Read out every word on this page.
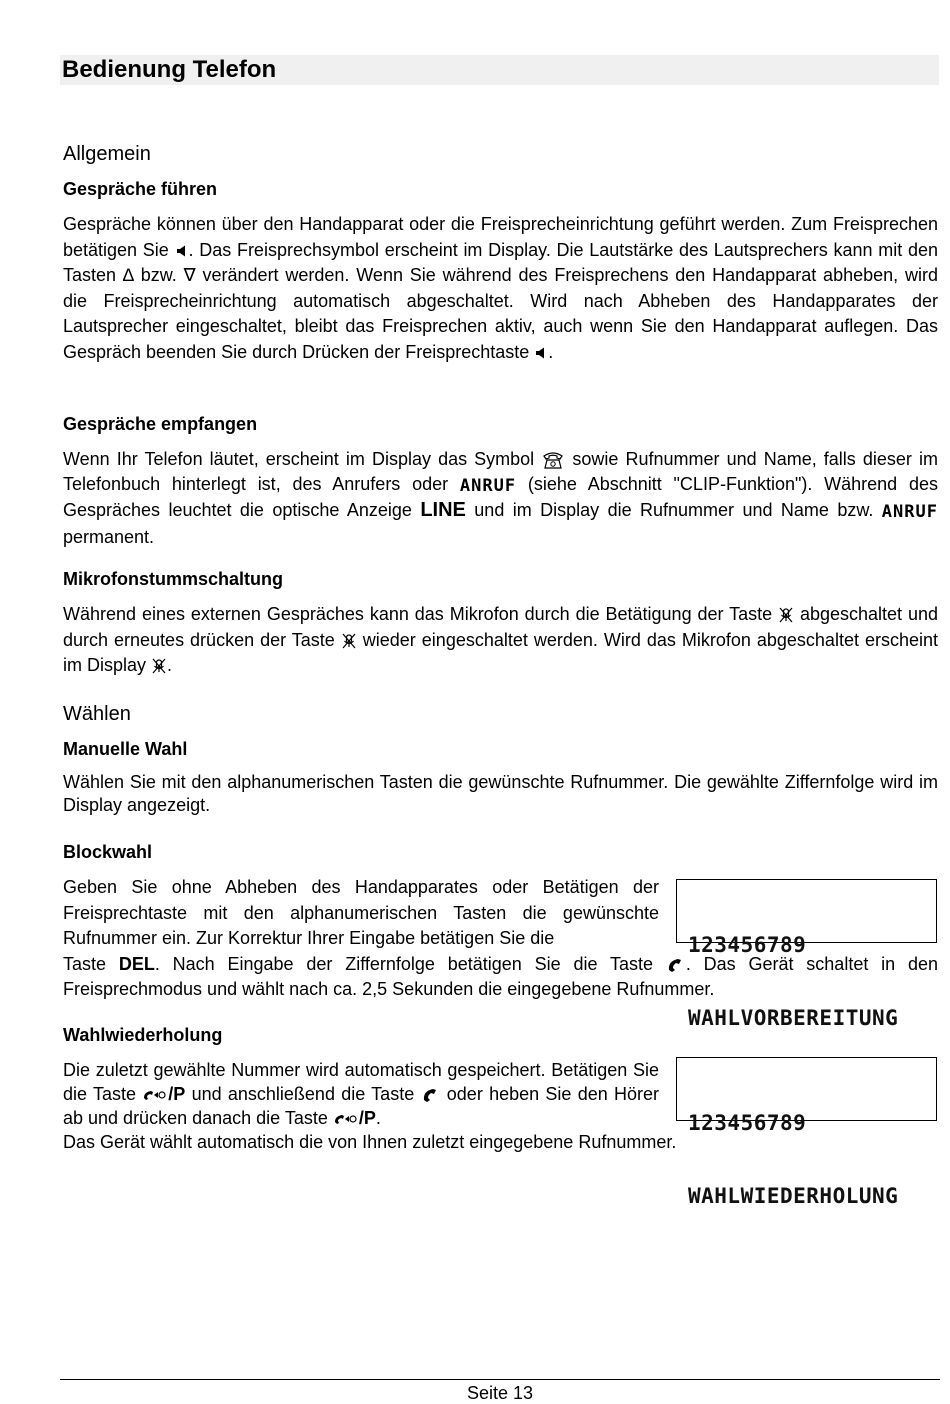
Bedienung Telefon
Allgemein
Gespräche führen

Gespräche können über den Handapparat oder die Freisprecheinrichtung geführt werden. Zum Freisprechen betätigen Sie . Das Freisprechsymbol erscheint im Display. Die Lautstärke des Lautsprechers kann mit den Tasten ∆ bzw. ∇ verändert werden. Wenn Sie während des Freisprechens den Handapparat abheben, wird die Freisprecheinrichtung automatisch abgeschaltet. Wird nach Abheben des Handapparates der Lautsprecher eingeschaltet, bleibt das Freisprechen aktiv, auch wenn Sie den Handapparat auflegen. Das Gespräch beenden Sie durch Drücken der Freisprechtaste .

Gespräche empfangen

Wenn Ihr Telefon läutet, erscheint im Display das Symbol sowie Rufnummer und Name, falls dieser im Telefonbuch hinterlegt ist, des Anrufers oder ANRUF (siehe Abschnitt "CLIP-Funktion"). Während des Gespräches leuchtet die optische Anzeige LINE und im Display die Rufnummer und Name bzw. ANRUF permanent.

Mikrofonstummschaltung

Während eines externen Gespräches kann das Mikrofon durch die Betätigung der Taste abgeschaltet und durch erneutes drücken der Taste wieder eingeschaltet werden. Wird das Mikrofon abgeschaltet erscheint im Display .

Wählen
Manuelle Wahl

Wählen Sie mit den alphanumerischen Tasten die gewünschte Rufnummer. Die gewählte Ziffernfolge wird im Display angezeigt.

Blockwahl

Geben Sie ohne Abheben des Handapparates oder Betätigen der Freisprechtaste mit den alphanumerischen Tasten die gewünschte Rufnummer ein. Zur Korrektur Ihrer Eingabe betätigen Sie die

Taste DEL. Nach Eingabe der Ziffernfolge betätigen Sie die Taste . Das Gerät schaltet in den Freisprechmodus und wählt nach ca. 2,5 Sekunden die eingegebene Rufnummer.

123456789

WAHLVORBEREITUNG

Wahlwiederholung

Die zuletzt gewählte Nummer wird automatisch gespeichert. Betätigen Sie die Taste /P und anschließend die Taste oder heben Sie den Hörer ab und drücken danach die Taste /P.

Das Gerät wählt automatisch die von Ihnen zuletzt eingegebene Rufnummer.

123456789

WAHLWIEDERHOLUNG

Seite 13
